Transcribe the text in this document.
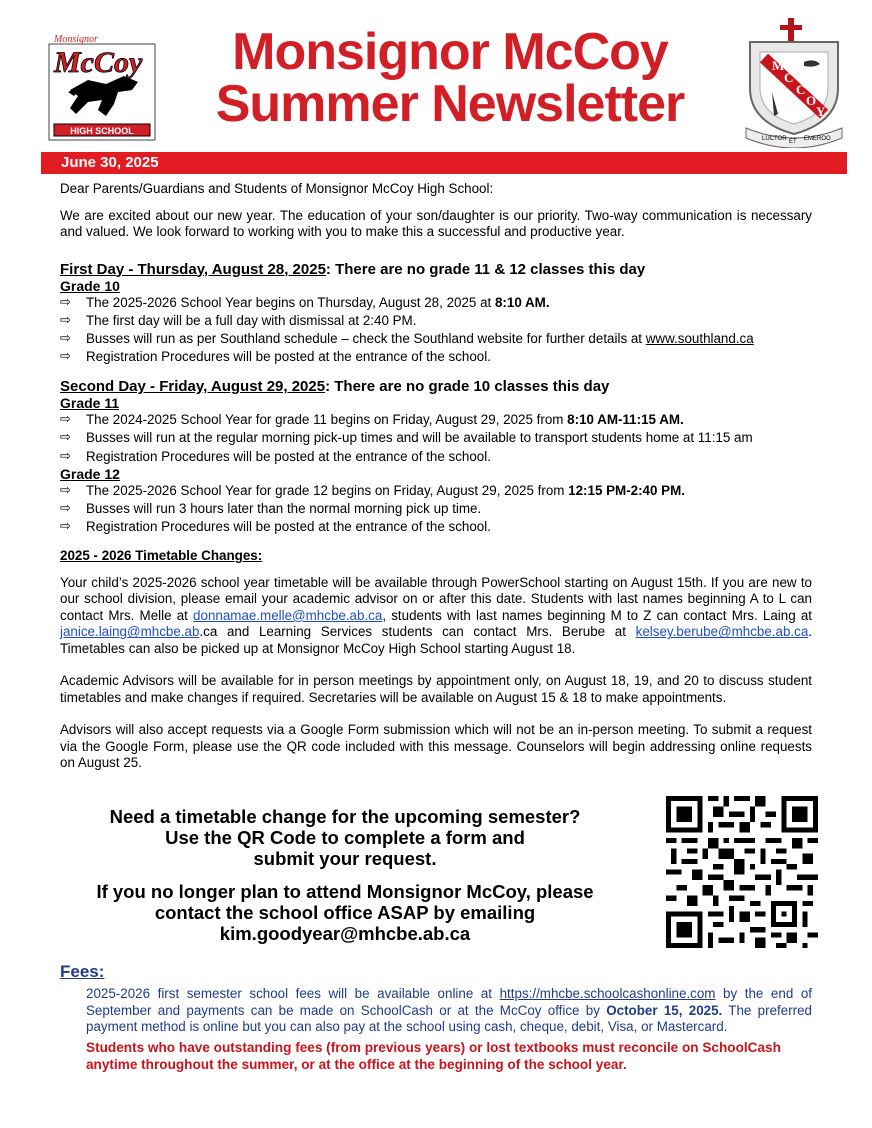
Monsignor
McCoy
HIGH SCHOOL
Monsignor McCoy
Summer Newsletter
M
C
C
O
Y
LUCTOR ET EMEROO
June 30, 2025
Dear Parents/Guardians and Students of Monsignor McCoy High School:
We are excited about our new year. The education of your son/daughter is our priority. Two-way communication is necessary and valued. We look forward to working with you to make this a successful and productive year.
First Day - Thursday, August 28, 2025: There are no grade 11 & 12 classes this day
Grade 10
⇨ The 2025-2026 School Year begins on Thursday, August 28, 2025 at 8:10 AM.
⇨ The first day will be a full day with dismissal at 2:40 PM.
⇨ Busses will run as per Southland schedule – check the Southland website for further details at www.southland.ca
⇨ Registration Procedures will be posted at the entrance of the school.
Second Day - Friday, August 29, 2025: There are no grade 10 classes this day
Grade 11
⇨ The 2024-2025 School Year for grade 11 begins on Friday, August 29, 2025 from 8:10 AM-11:15 AM.
⇨ Busses will run at the regular morning pick-up times and will be available to transport students home at 11:15 am
⇨ Registration Procedures will be posted at the entrance of the school.
Grade 12
⇨ The 2025-2026 School Year for grade 12 begins on Friday, August 29, 2025 from 12:15 PM-2:40 PM.
⇨ Busses will run 3 hours later than the normal morning pick up time.
⇨ Registration Procedures will be posted at the entrance of the school.
2025 - 2026 Timetable Changes:
Your child’s 2025-2026 school year timetable will be available through PowerSchool starting on August 15th. If you are new to our school division, please email your academic advisor on or after this date. Students with last names beginning A to L can contact Mrs. Melle at donnamae.melle@mhcbe.ab.ca, students with last names beginning M to Z can contact Mrs. Laing at janice.laing@mhcbe.ab.ca and Learning Services students can contact Mrs. Berube at kelsey.berube@mhcbe.ab.ca. Timetables can also be picked up at Monsignor McCoy High School starting August 18.
Academic Advisors will be available for in person meetings by appointment only, on August 18, 19, and 20 to discuss student timetables and make changes if required. Secretaries will be available on August 15 & 18 to make appointments.
Advisors will also accept requests via a Google Form submission which will not be an in-person meeting. To submit a request via the Google Form, please use the QR code included with this message. Counselors will begin addressing online requests on August 25.
Need a timetable change for the upcoming semester?
Use the QR Code to complete a form and
submit your request.
If you no longer plan to attend Monsignor McCoy, please
contact the school office ASAP by emailing
kim.goodyear@mhcbe.ab.ca
Fees:
2025-2026 first semester school fees will be available online at https://mhcbe.schoolcashonline.com by the end of September and payments can be made on SchoolCash or at the McCoy office by October 15, 2025. The preferred payment method is online but you can also pay at the school using cash, cheque, debit, Visa, or Mastercard.
Students who have outstanding fees (from previous years) or lost textbooks must reconcile on SchoolCash anytime throughout the summer, or at the office at the beginning of the school year.
